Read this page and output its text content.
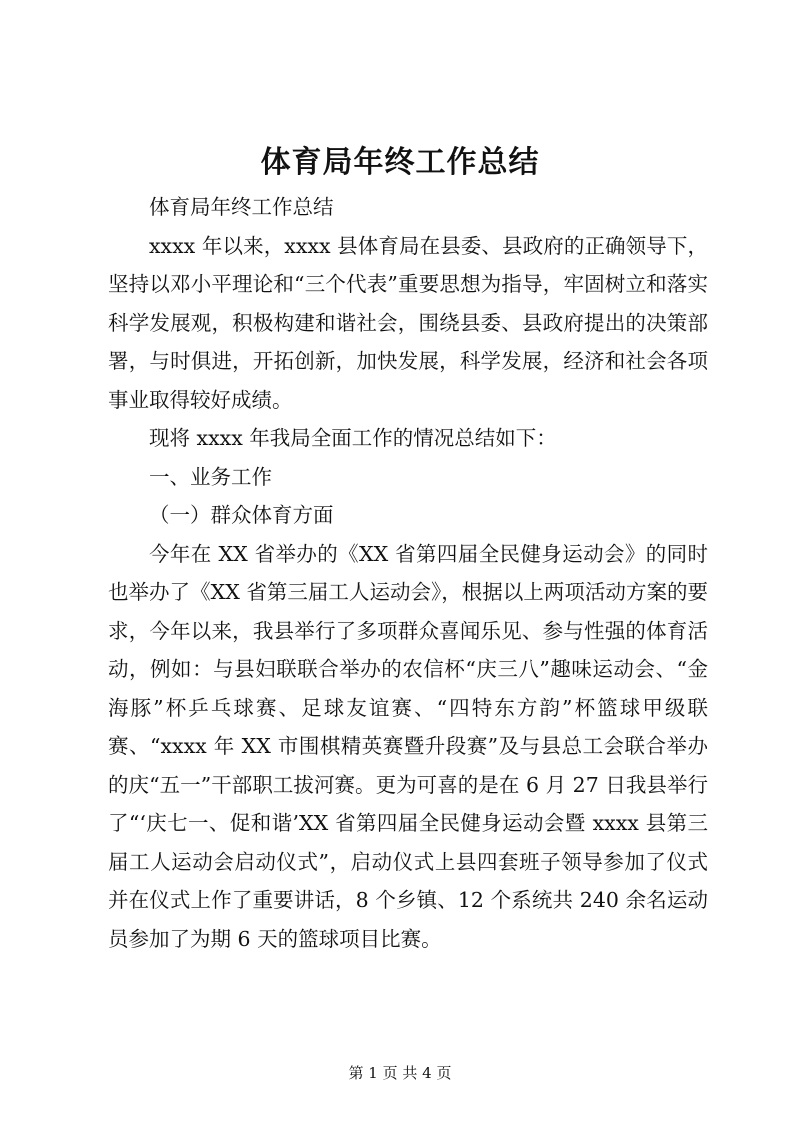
体育局年终工作总结

体育局年终工作总结

xxxx 年以来，xxxx 县体育局在县委、县政府的正确领导下，坚持以邓小平理论和“三个代表”重要思想为指导，牢固树立和落实科学发展观，积极构建和谐社会，围绕县委、县政府提出的决策部署，与时俱进，开拓创新，加快发展，科学发展，经济和社会各项事业取得较好成绩。

现将 xxxx 年我局全面工作的情况总结如下：

一、业务工作

（一）群众体育方面

今年在 XX 省举办的《XX 省第四届全民健身运动会》的同时也举办了《XX 省第三届工人运动会》，根据以上两项活动方案的要求，今年以来，我县举行了多项群众喜闻乐见、参与性强的体育活动，例如：与县妇联联合举办的农信杯“庆三八”趣味运动会、“金海豚”杯乒乓球赛、足球友谊赛、“四特东方韵”杯篮球甲级联赛、“xxxx 年 XX 市围棋精英赛暨升段赛”及与县总工会联合举办的庆“五一”干部职工拔河赛。更为可喜的是在 6 月 27 日我县举行了“‘庆七一、促和谐’XX 省第四届全民健身运动会暨 xxxx 县第三届工人运动会启动仪式”，启动仪式上县四套班子领导参加了仪式并在仪式上作了重要讲话，8 个乡镇、12 个系统共 240 余名运动员参加了为期 6 天的篮球项目比赛。

第 1 页 共 4 页
